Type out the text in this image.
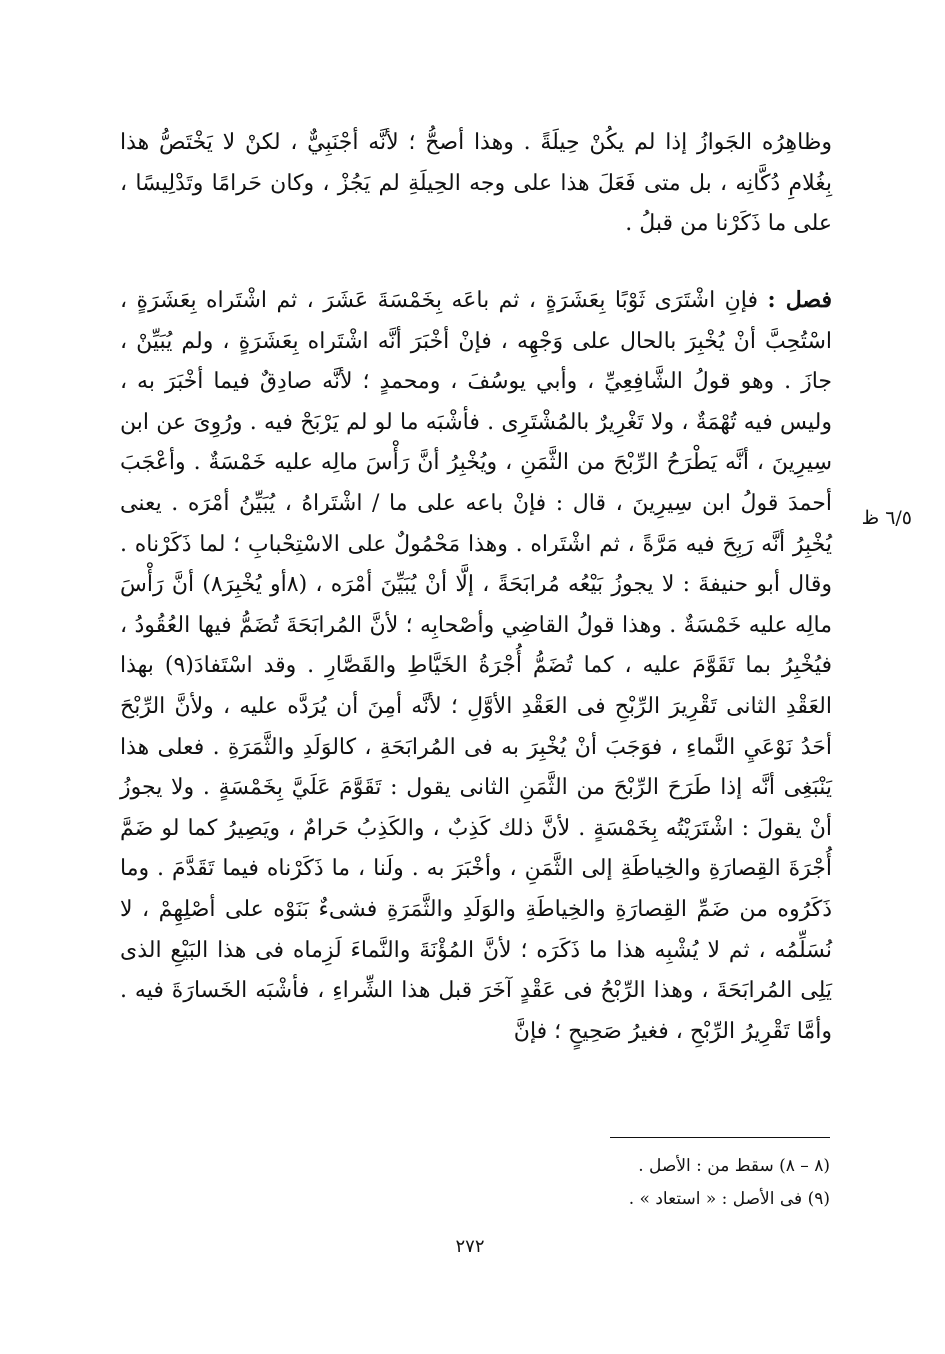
وظاهِرُه الجَوازُ إذا لم يكُنْ حِيلَةً . وهذا أصحُّ ؛ لأنَّه أجْنَبِيٌّ ، لكنْ لا يَخْتَصُّ هذا بِغُلامِ دُكَّانِه ، بل متى فَعَلَ هذا على وجه الحِيلَةِ لم يَجُزْ ، وكان حَرامًا وتَدْلِيسًا ، على ما ذَكَرْنا من قبلُ .

فصل : فإنِ اشْتَرَى ثَوْبًا بِعَشَرَةٍ ، ثم باعَه بِخَمْسَةَ عَشَرَ ، ثم اشْتَراه بِعَشَرَةٍ ، اسْتُحِبَّ أنْ يُخْبِرَ بالحال على وَجْهِه ، فإنْ أخْبَرَ أنَّه اشْتَراه بِعَشَرَةٍ ، ولم يُبَيِّنْ ، جازَ . وهو قولُ الشَّافِعِيِّ ، وأبي يوسُفَ ، ومحمدٍ ؛ لأنَّه صادِقٌ فيما أخْبَرَ به ، وليس فيه تُهْمَةٌ ، ولا تَغْرِيرٌ بالمُشْتَرِى . فأشْبَه ما لو لم يَرْبَحْ فيه . ورُوِىَ عن ابن سِيرِينَ ، أنَّه يَطْرَحُ الرِّبْحَ من الثَّمَنِ ، ويُخْبِرُ أنَّ رَأْسَ مالِه عليه خَمْسَةٌ . وأعْجَبَ أحمدَ قولُ ابن سِيرِينَ ، قال : فإنْ باعه على ما / اشْتَراهُ ، يُبَيِّنُ أمْرَه . يعنى يُخْبِرُ أنَّه رَبِحَ فيه مَرَّةً ، ثم اشْتَراه . وهذا مَحْمُولٌ على الاسْتِحْبابِ ؛ لما ذَكَرْناه . وقال أبو حنيفةَ : لا يجوزُ بَيْعُه مُرابَحَةً ، إلَّا أنْ يُبَيِّنَ أمْرَه ، (٨أو يُخْبِرَ٨) أنَّ رَأْسَ مالِه عليه خَمْسَةٌ . وهذا قولُ القاضِي وأصْحابِه ؛ لأنَّ المُرابَحَةَ تُضَمُّ فيها العُقُودُ ، فيُخْبِرُ بما تَقَوَّمَ عليه ، كما تُضَمُّ أُجْرَةُ الخَيَّاطِ والقَصَّارِ . وقد اسْتَفادَ(٩) بهذا العَقْدِ الثانى تَقْرِيرَ الرِّبْحِ فى العَقْدِ الأوَّلِ ؛ لأنَّه أمِنَ أن يُرَدَّه عليه ، ولأنَّ الرِّبْحَ أحَدُ نَوْعَيِ النَّماءِ ، فوَجَبَ أنْ يُخْبِرَ به فى المُرابَحَةِ ، كالوَلَدِ والثَّمَرَةِ . فعلى هذا يَنْبَغِى أنَّه إذا طَرَحَ الرِّبْحَ من الثَّمَنِ الثانى يقول : تَقَوَّمَ عَلَيَّ بِخَمْسَةٍ . ولا يجوزُ أنْ يقولَ : اشْتَرَيْتُه بِخَمْسَةٍ . لأنَّ ذلك كَذِبٌ ، والكَذِبُ حَرامٌ ، ويَصِيرُ كما لو ضَمَّ أُجْرَةَ القِصارَةِ والخِياطَةِ إلى الثَّمَنِ ، وأخْبَرَ به . ولَنا ، ما ذَكَرْناه فيما تَقَدَّمَ . وما ذَكَرُوه من ضَمِّ القِصارَةِ والخِياطَةِ والوَلَدِ والثَّمَرَةِ فشىءٌ بَنَوْه على أصْلِهِمْ ، لا نُسَلِّمُه ، ثم لا يُشْبِه هذا ما ذَكَرَه ؛ لأنَّ المُؤْنَةَ والنَّماءَ لَزِماه فى هذا البَيْعِ الذى يَلِى المُرابَحَةَ ، وهذا الرِّبْحُ فى عَقْدٍ آخَرَ قبل هذا الشِّراءِ ، فأشْبَه الخَسارَةَ فيه . وأمَّا تَقْرِيرُ الرِّبْحِ ، فغيرُ صَحِيحٍ ؛ فإنَّ

٦/٥ ظ
(٨ – ٨) سقط من : الأصل .
(٩) فى الأصل : « استعاد » .
٢٧٢
